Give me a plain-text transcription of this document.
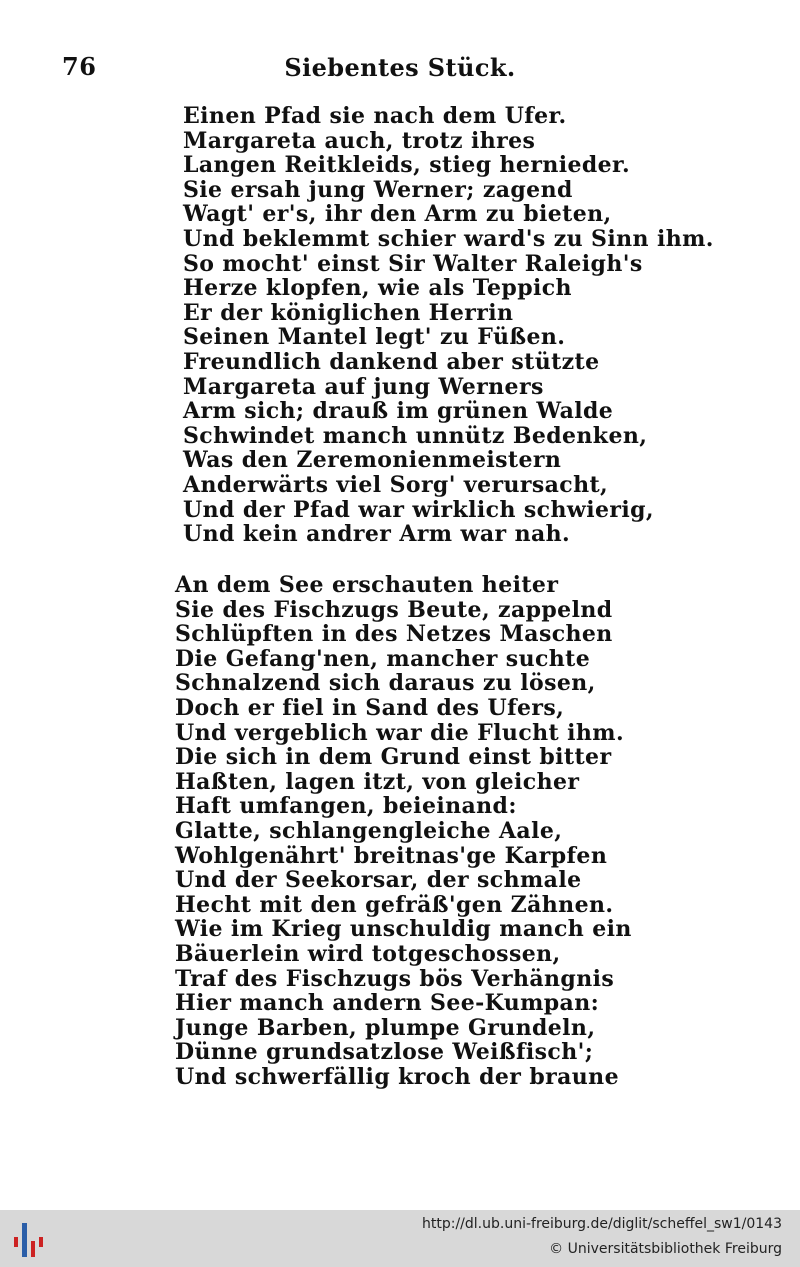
76	Siebentes Stück.
Einen Pfad sie nach dem Ufer.
Margareta auch, trotz ihres
Langen Reitkleids, stieg hernieder.
Sie ersah jung Werner; zagend
Wagt' er's, ihr den Arm zu bieten,
Und beklemmt schier ward's zu Sinn ihm.
So mocht' einst Sir Walter Raleigh's
Herze klopfen, wie als Teppich
Er der königlichen Herrin
Seinen Mantel legt' zu Füßen.
Freundlich dankend aber stützte
Margareta auf jung Werners
Arm sich; drauß im grünen Walde
Schwindet manch unnütz Bedenken,
Was den Zeremonienmeistern
Anderwärts viel Sorg' verursacht,
Und der Pfad war wirklich schwierig,
Und kein andrer Arm war nah.
An dem See erschauten heiter
Sie des Fischzugs Beute, zappelnd
Schlüpften in des Netzes Maschen
Die Gefang'nen, mancher suchte
Schnalzend sich daraus zu lösen,
Doch er fiel in Sand des Ufers,
Und vergeblich war die Flucht ihm.
Die sich in dem Grund einst bitter
Haßten, lagen itzt, von gleicher
Haft umfangen, beieinand:
Glatte, schlangengleiche Aale,
Wohlgenährt' breitnas'ge Karpfen
Und der Seekorsar, der schmale
Hecht mit den gefräß'gen Zähnen.
Wie im Krieg unschuldig manch ein
Bäuerlein wird totgeschossen,
Traf des Fischzugs bös Verhängnis
Hier manch andern See-Kumpan:
Junge Barben, plumpe Grundeln,
Dünne grundsatzlose Weißfisch';
Und schwerfällig kroch der braune
http://dl.ub.uni-freiburg.de/diglit/scheffel_sw1/0143
© Universitätsbibliothek Freiburg
